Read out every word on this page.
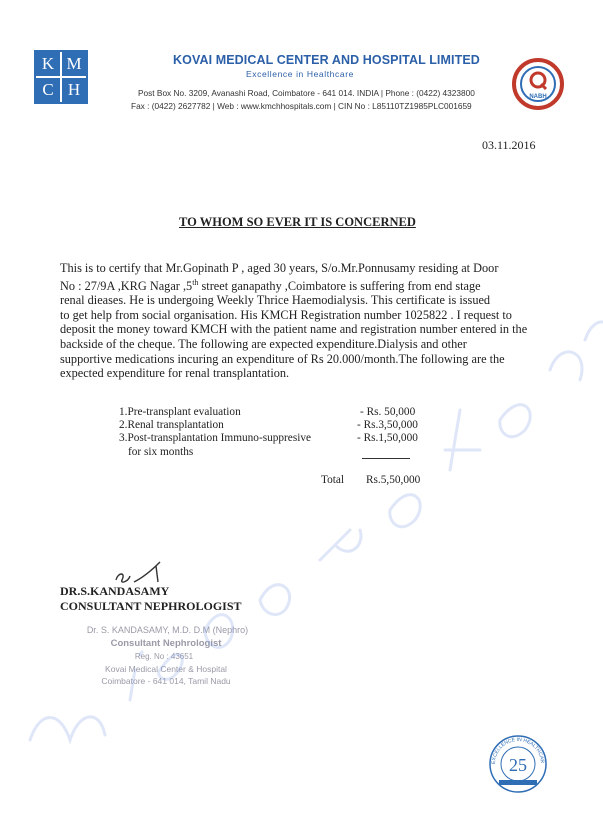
K M
C H
KOVAI MEDICAL CENTER AND HOSPITAL LIMITED
Excellence in Healthcare
Post Box No. 3209, Avanashi Road, Coimbatore - 641 014. INDIA | Phone : (0422) 4323800
Fax : (0422) 2627782 | Web : www.kmchhospitals.com | CIN No : L85110TZ1985PLC001659
NABH
03.11.2016
TO WHOM SO EVER IT IS CONCERNED

This is to certify that Mr.Gopinath P , aged 30 years, S/o.Mr.Ponnusamy residing at Door

No : 27/9A ,KRG Nagar ,5th street ganapathy ,Coimbatore is suffering from end stage

renal dieases. He is undergoing Weekly Thrice Haemodialysis. This certificate is issued

to get help from social organisation. His KMCH Registration number 1025822 . I request to

deposit the money toward KMCH with the patient name and registration number entered in the

backside of the cheque. The following are expected expenditure.Dialysis and other

supportive medications incuring an expenditure of Rs 20.000/month.The following are the

expected expenditure for renal transplantation.

1.Pre-transplant evaluation	- Rs. 50,000
2.Renal transplantation	- Rs.3,50,000
3.Post-transplantation Immuno-suppresive	- Rs.1,50,000
for six months
Total Rs.5,50,000
DR.S.KANDASAMY
CONSULTANT NEPHROLOGIST
Dr. S. KANDASAMY, M.D. D.M (Nephro)
Consultant Nephrologist
Reg. No : 43651
Kovai Medical Center & Hospital
Coimbatore - 641 014, Tamil Nadu
EXCELLENCE IN HEALTHCAR
25
